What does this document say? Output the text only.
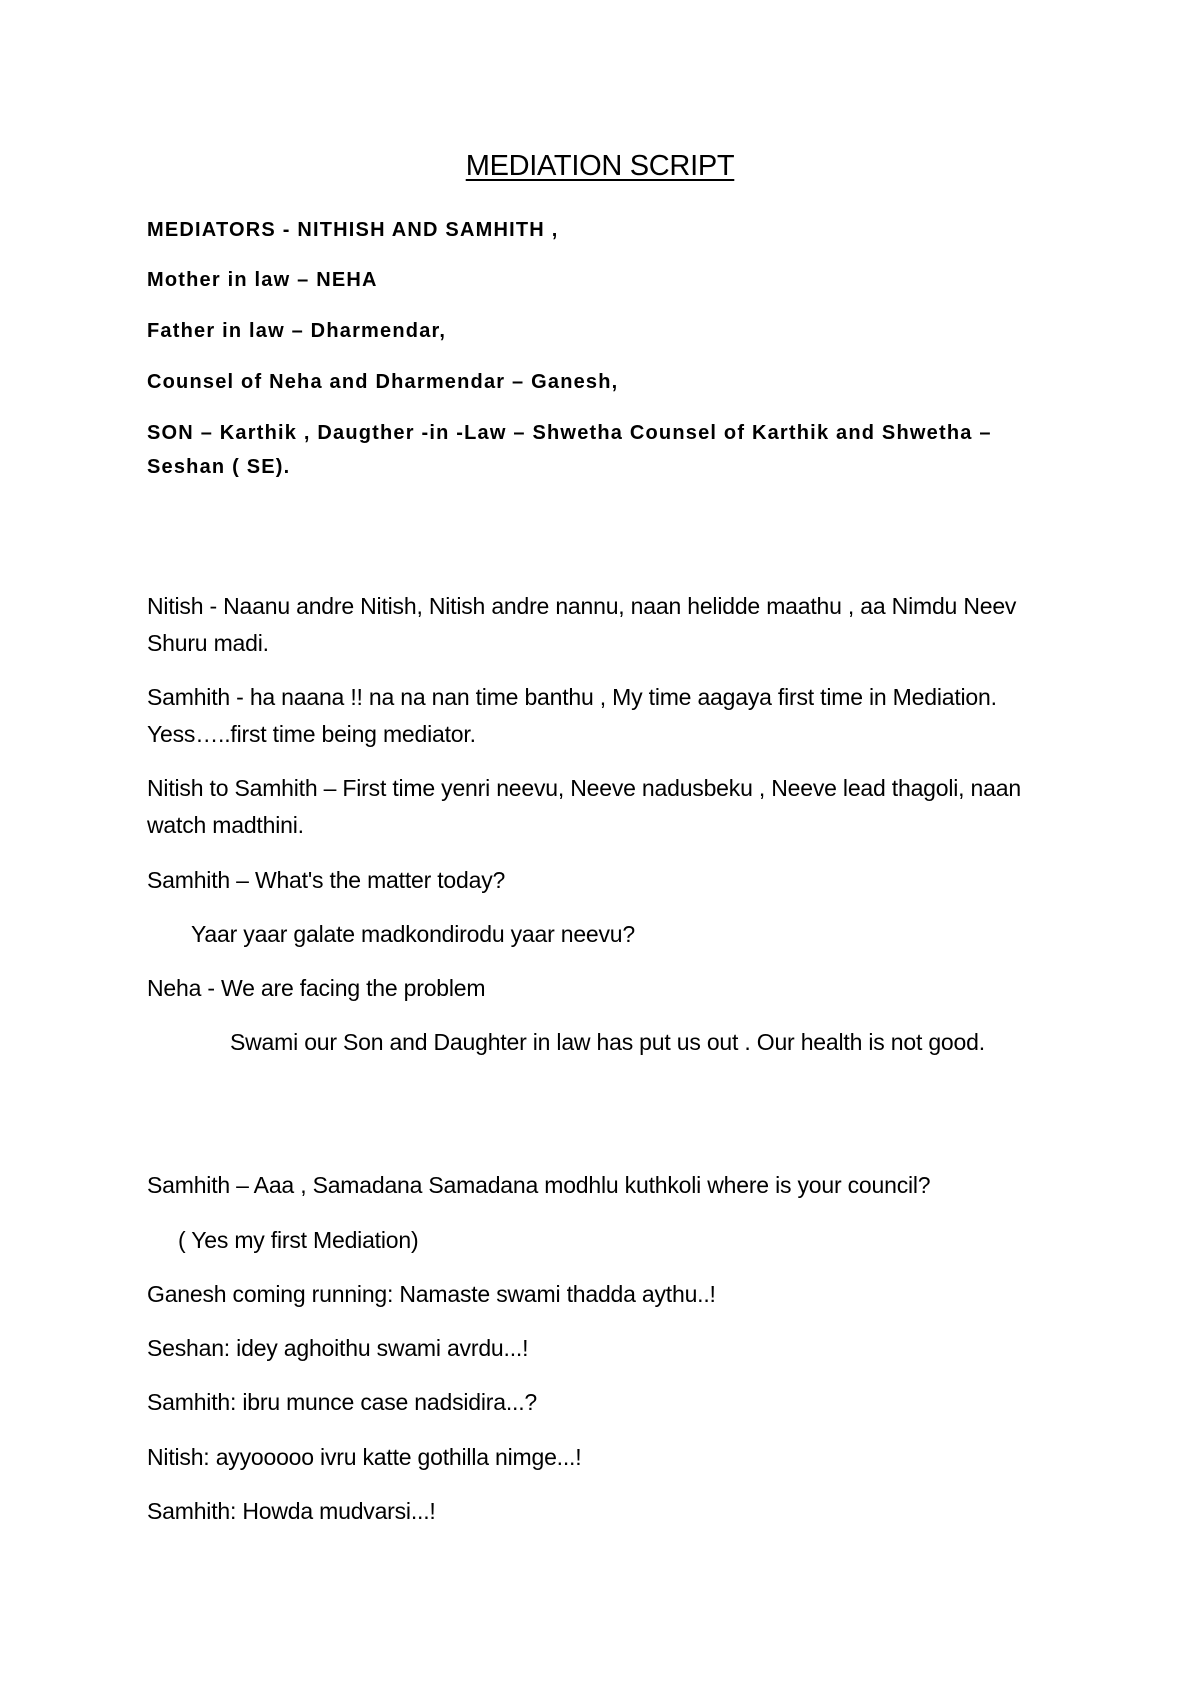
MEDIATION SCRIPT
MEDIATORS - NITHISH AND SAMHITH ,
Mother in law – NEHA
Father in law – Dharmendar,
Counsel of Neha and Dharmendar – Ganesh,
SON – Karthik , Daugther -in -Law – Shwetha Counsel of Karthik and Shwetha – Seshan ( SE).
Nitish - Naanu andre Nitish, Nitish andre nannu, naan helidde maathu , aa Nimdu Neev Shuru madi.
Samhith - ha naana !! na na nan time banthu , My time aagaya first time in Mediation. Yess…..first time being mediator.
Nitish to Samhith – First time yenri neevu, Neeve nadusbeku , Neeve lead thagoli, naan watch madthini.
Samhith – What's the matter today?
Yaar yaar galate madkondirodu yaar neevu?
Neha - We are facing the problem
Swami our Son and Daughter in law has put us out . Our health is not good.
Samhith – Aaa , Samadana Samadana modhlu kuthkoli where is your council?
( Yes my first Mediation)
Ganesh coming running: Namaste swami thadda aythu..!
Seshan: idey aghoithu swami avrdu...!
Samhith: ibru munce case nadsidira...?
Nitish: ayyooooo ivru katte gothilla nimge...!
Samhith: Howda mudvarsi...!
